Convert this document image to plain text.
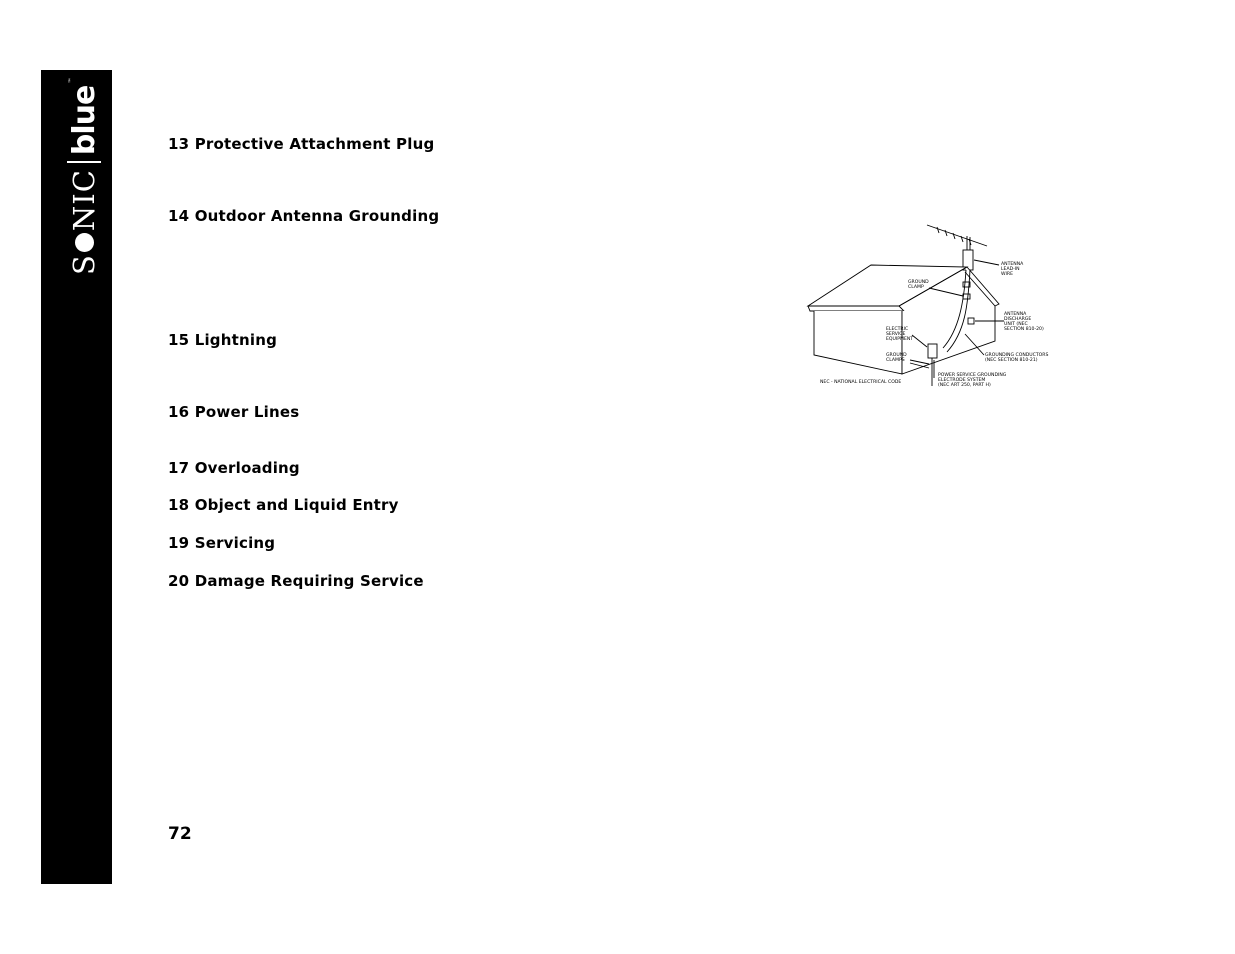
S
NIC
blue
™
13 Protective Attachment Plug
14 Outdoor Antenna Grounding
15 Lightning
16 Power Lines
17 Overloading
18 Object and Liquid Entry
19 Servicing
20 Damage Requiring Service
ANTENNA LEAD-IN WIRE
GROUND CLAMP
ANTENNA DISCHARGE UNIT (NEC SECTION 810-20)
ELECTRIC SERVICE EQUIPMENT
GROUNDING CONDUCTORS (NEC SECTION 810-21)
GROUND CLAMPS
POWER SERVICE GROUNDING ELECTRODE SYSTEM (NEC ART 250, PART H)
NEC - NATIONAL ELECTRICAL CODE
72
